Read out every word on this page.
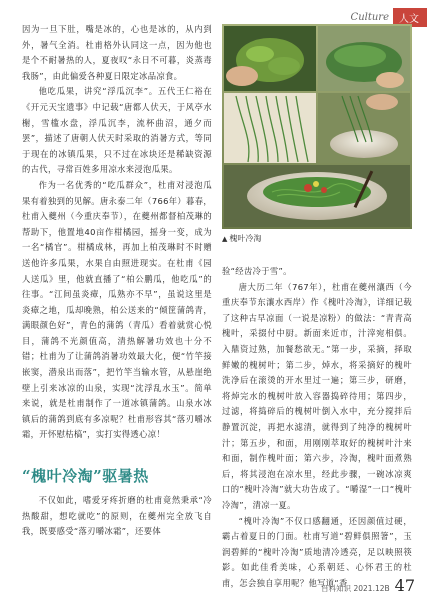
Culture	人文

因为一旦下肚，嘴是冰的，心也是冰的，从内到外，暑气全消。杜甫格外认同这一点，因为他也是个不耐暑热的人，夏夜叹“永日不可暮，炎蒸毒我肠”，由此偏爱各种夏日限定冰品凉食。

他吃瓜果，讲究“浮瓜沉李”。五代王仁裕在《开元天宝遗事》中记载“唐都人伏天，于风亭水榭，雪槛水盘，浮瓜沉李，流杯曲沼，通夕而罢”，描述了唐朝人伏天时采取的消暑方式，等同于现在的冰镇瓜果，只不过在冰块还是稀缺资源的古代，寻常百姓多用凉水来浸泡瓜果。

作为一名优秀的“吃瓜群众”，杜甫对浸泡瓜果有着独到的见解。唐永泰二年（766年）暮春，杜甫入夔州（今重庆奉节），在夔州都督柏茂琳的帮助下，他置地40亩作柑橘园，摇身一变，成为一名“橘官”。柑橘成林，再加上柏茂琳时不时赠送他许多瓜果，水果自由照进现实。在杜甫《园人送瓜》里，他就直播了“柏公鹏瓜，他吃瓜”的往事。“江间虽炎瘴，瓜熟亦不早”，虽说这里是炎瘴之地，瓜却晚熟，柏公送来的“倾筐蒲鸽青，满眼颜色好”，青色的蒲鸽（青瓜）看着就赏心悦目，蒲鸽不光颜值高，清热解暑功效也十分不错；杜甫为了让蒲鸽消暑功效最大化，便“竹竿接嵌窦，潜泉出而落”，把竹竿当输水管，从悬崖绝壁上引来冰凉的山泉，实现“沈浮乱水玉”。简单来说，就是杜甫制作了一道冰镇蒲鸽。山泉水冰镇后的蒲鸽到底有多凉呢？杜甫形容其“落刃嚼冰霜，开怀慰枯槁”，实打实得透心凉！

“槐叶冷淘”驱暑热

不仅如此，嗜爱牙疼折磨的杜甫竟然秉承“冷热酸甜，想吃就吃”的原则，在夔州完全放飞自我，既要感受“落刃嚼冰霜”，还要体

▲ 槐叶冷淘

验“经齿冷于雪”。

唐大历二年（767年），杜甫在夔州瀼西（今重庆奉节东瀼水西岸）作《槐叶冷淘》，详细记载了这种古早凉面（一说是凉粉）的做法：“青青高槐叶，采掇付中厨。新面来近市，汁滓宛相俱。入鼎资过熟，加餐愁欲无。”第一步，采摘，择取鲜嫩的槐树叶；第二步，焯水，将采摘好的槐叶洗净后在滚烫的开水里过一遍；第三步，研磨，将焯完水的槐树叶放入容器捣碎待用；第四步，过滤，将捣碎后的槐树叶倒入水中，充分搅拌后静置沉淀，再把水滤清，就得到了纯净的槐树叶汁；第五步，和面，用刚刚萃取好的槐树叶汁来和面，制作槐叶面；第六步，冷淘，槐叶面煮熟后，将其浸泡在凉水里，经此步骤，一碗冰凉爽口的“槐叶冷淘”就大功告成了。“嚼湿”一口“槐叶冷淘”，清凉一夏。

“槐叶冷淘”不仅口感翻通，还因颜值过硬，霸占着夏日的门面。杜甫写道“碧鲜俱照箸”，玉润碧鲜的“槐叶冷淘”质地清冷透亮，足以映照筷影。如此佳肴美味，心系朝廷、心怀君王的杜甫，怎会独自享用呢？他写道“香

百科知识 2021.12B 47
